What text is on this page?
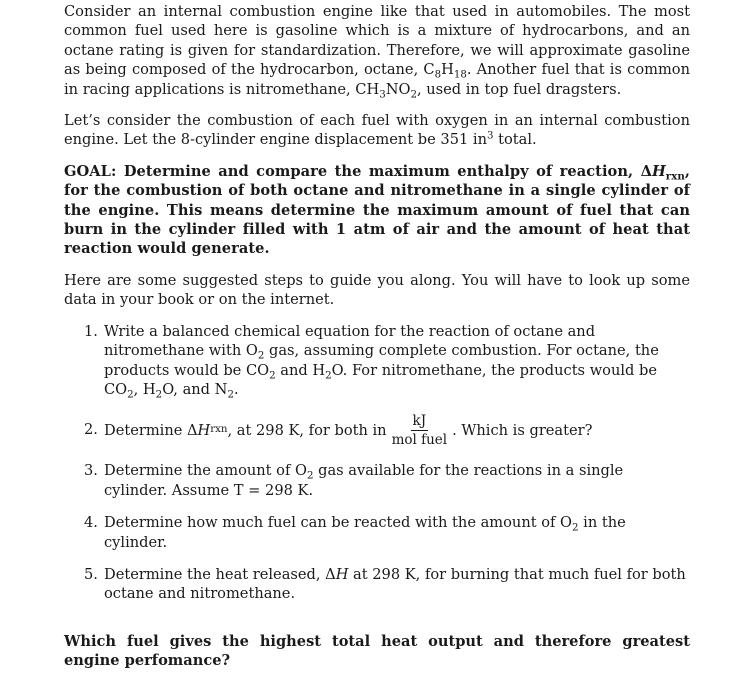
Consider an internal combustion engine like that used in automobiles. The most common fuel used here is gasoline which is a mixture of hydrocarbons, and an octane rating is given for standardization. Therefore, we will approximate gasoline as being composed of the hydrocarbon, octane, $C_8H_{18}$. Another fuel that is common in racing applications is nitromethane, $CH_3NO_2$, used in top fuel dragsters.

Let’s consider the combustion of each fuel with oxygen in an internal combustion engine. Let the 8-cylinder engine displacement be 351 $in^3$ total.

GOAL: Determine and compare the maximum enthalpy of reaction, $\Delta H_{rxn}$, for the combustion of both octane and nitromethane in a single cylinder of the engine. This means determine the maximum amount of fuel that can burn in the cylinder filled with 1 atm of air and the amount of heat that reaction would generate.

Here are some suggested steps to guide you along. You will have to look up some data in your book or on the internet.

1. Write a balanced chemical equation for the reaction of octane and nitromethane with $O_2$ gas, assuming complete combustion. For octane, the products would be $CO_2$ and $H_2O$. For nitromethane, the products would be $CO_2$, $H_2O$, and $N_2$.
2. Determine Δ H rxn , at 298 K, for both in $\frac{kJ}{\text{mol fuel}}$ . Which is greater?
3. Determine the amount of $O_2$ gas available for the reactions in a single cylinder. Assume T = 298 K.
4. Determine how much fuel can be reacted with the amount of $O_2$ in the cylinder.
5. Determine the heat released, ΔH at 298 K, for burning that much fuel for both octane and nitromethane.

Which fuel gives the highest total heat output and therefore greatest engine perfomance?
